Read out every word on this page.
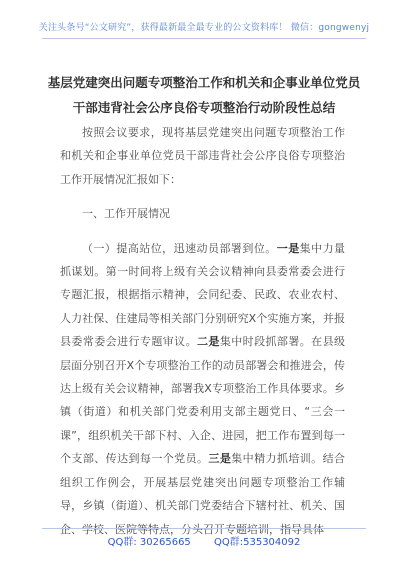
关注头条号“公文研究”，获得最新最全最专业的公文资料库！ 微信：gongwenyj
基层党建突出问题专项整治工作和机关和企事业单位党员
干部违背社会公序良俗专项整治行动阶段性总结

按照会议要求，现将基层党建突出问题专项整治工作和机关和企事业单位党员干部违背社会公序良俗专项整治工作开展情况汇报如下：

一、工作开展情况

（一）提高站位，迅速动员部署到位。一是集中力量抓谋划。第一时间将上级有关会议精神向县委常委会进行专题汇报，根据指示精神，会同纪委、民政、农业农村、人力社保、住建局等相关部门分别研究X个实施方案，并报县委常委会进行专题审议。二是集中时段抓部署。在县级层面分别召开X个专项整治工作的动员部署会和推进会，传达上级有关会议精神，部署我X专项整治工作具体要求。乡镇（街道）和机关部门党委利用支部主题党日、“三会一课”，组织机关干部下村、入企、进园，把工作布置到每一个支部、传达到每一个党员。三是集中精力抓培训。结合组织工作例会，开展基层党建突出问题专项整治工作辅导，乡镇（街道）、机关部门党委结合下辖村社、机关、国企、学校、医院等特点，分头召开专题培训，指导具体

QQ群: 30265665 QQ群:535304092
